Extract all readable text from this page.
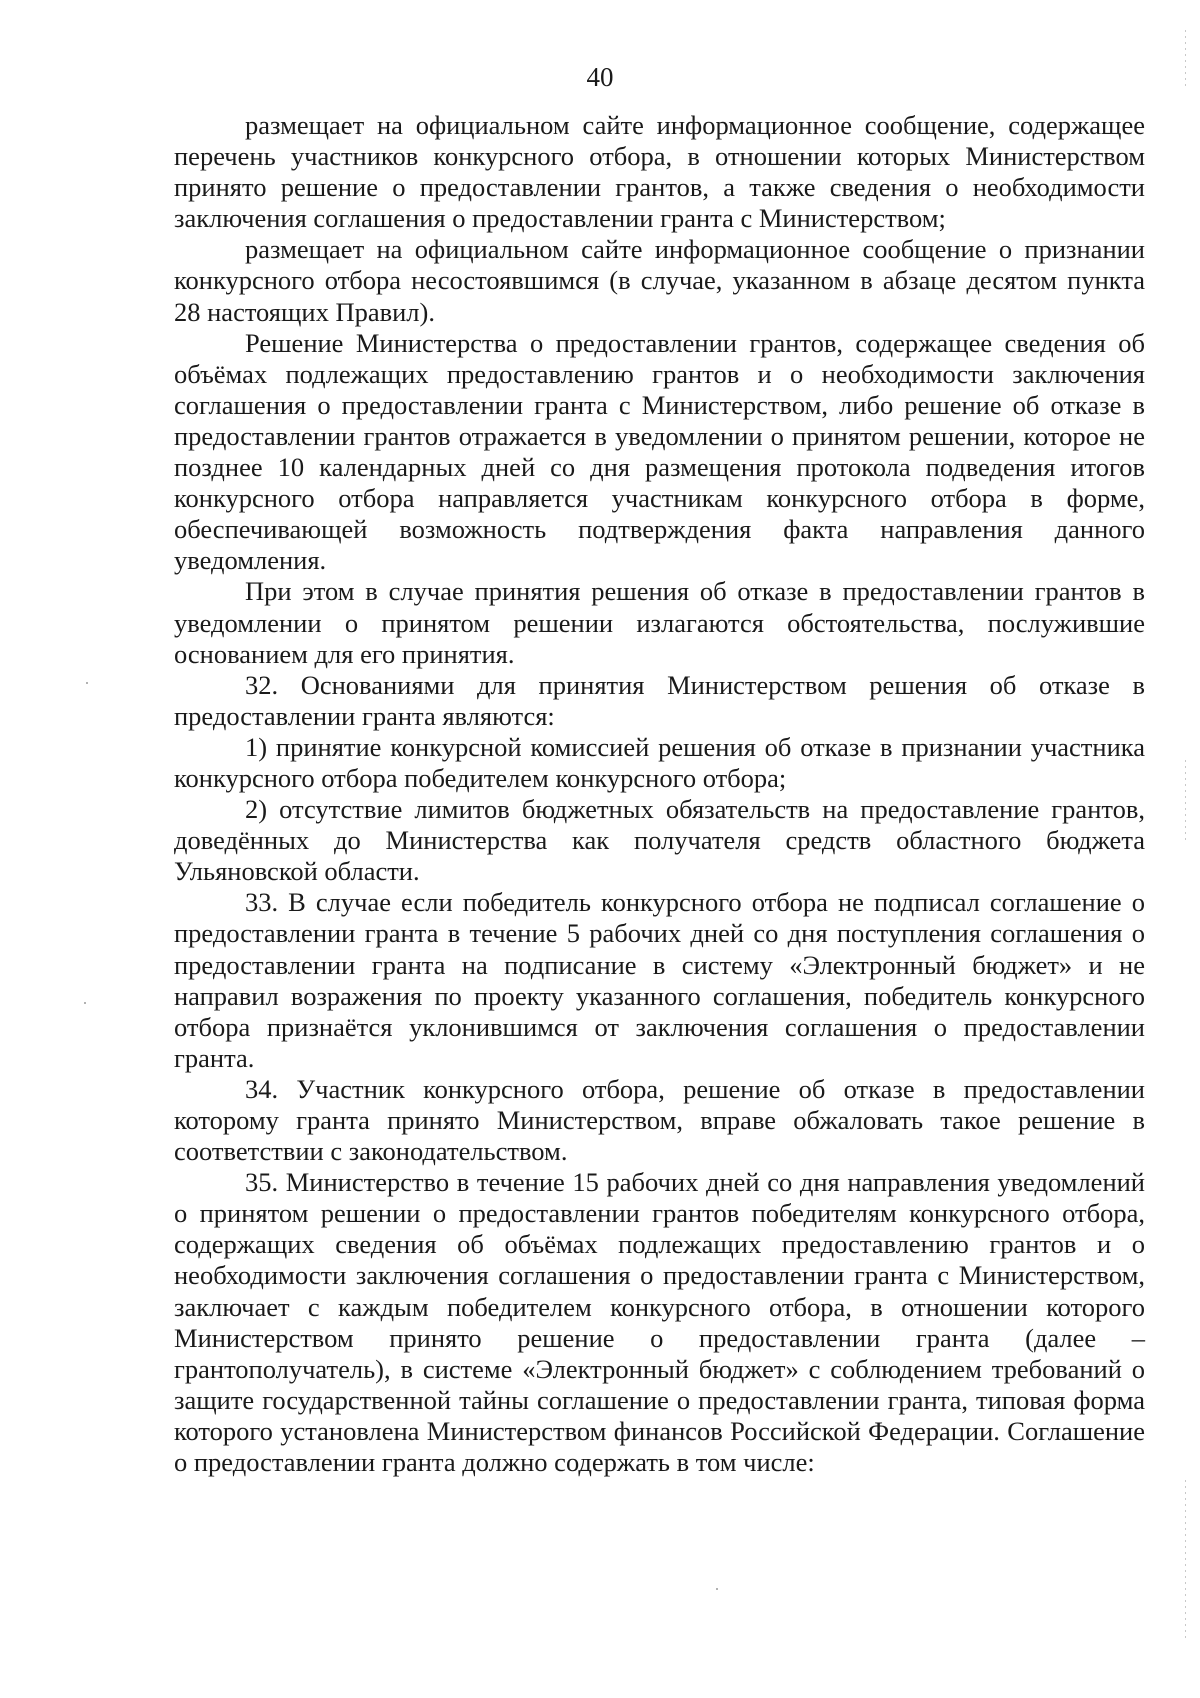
40

размещает на официальном сайте информационное сообщение, содержащее перечень участников конкурсного отбора, в отношении которых Министерством принято решение о предоставлении грантов, а также сведения о необходимости заключения соглашения о предоставлении гранта с Министерством;

размещает на официальном сайте информационное сообщение о признании конкурсного отбора несостоявшимся (в случае, указанном в абзаце десятом пункта 28 настоящих Правил).

Решение Министерства о предоставлении грантов, содержащее сведения об объёмах подлежащих предоставлению грантов и о необходимости заключения соглашения о предоставлении гранта с Министерством, либо решение об отказе в предоставлении грантов отражается в уведомлении о принятом решении, которое не позднее 10 календарных дней со дня размещения протокола подведения итогов конкурсного отбора направляется участникам конкурсного отбора в форме, обеспечивающей возможность подтверждения факта направления данного уведомления.

При этом в случае принятия решения об отказе в предоставлении грантов в уведомлении о принятом решении излагаются обстоятельства, послужившие основанием для его принятия.

32. Основаниями для принятия Министерством решения об отказе в предоставлении гранта являются:

1) принятие конкурсной комиссией решения об отказе в признании участника конкурсного отбора победителем конкурсного отбора;

2) отсутствие лимитов бюджетных обязательств на предоставление грантов, доведённых до Министерства как получателя средств областного бюджета Ульяновской области.

33. В случае если победитель конкурсного отбора не подписал соглашение о предоставлении гранта в течение 5 рабочих дней со дня поступления соглашения о предоставлении гранта на подписание в систему «Электронный бюджет» и не направил возражения по проекту указанного соглашения, победитель конкурсного отбора признаётся уклонившимся от заключения соглашения о предоставлении гранта.

34. Участник конкурсного отбора, решение об отказе в предоставлении которому гранта принято Министерством, вправе обжаловать такое решение в соответствии с законодательством.

35. Министерство в течение 15 рабочих дней со дня направления уведомлений о принятом решении о предоставлении грантов победителям конкурсного отбора, содержащих сведения об объёмах подлежащих предоставлению грантов и о необходимости заключения соглашения о предоставлении гранта с Министерством, заключает с каждым победителем конкурсного отбора, в отношении которого Министерством принято решение о предоставлении гранта (далее – грантополучатель), в системе «Электронный бюджет» с соблюдением требований о защите государственной тайны соглашение о предоставлении гранта, типовая форма которого установлена Министерством финансов Российской Федерации. Соглашение о предоставлении гранта должно содержать в том числе:
